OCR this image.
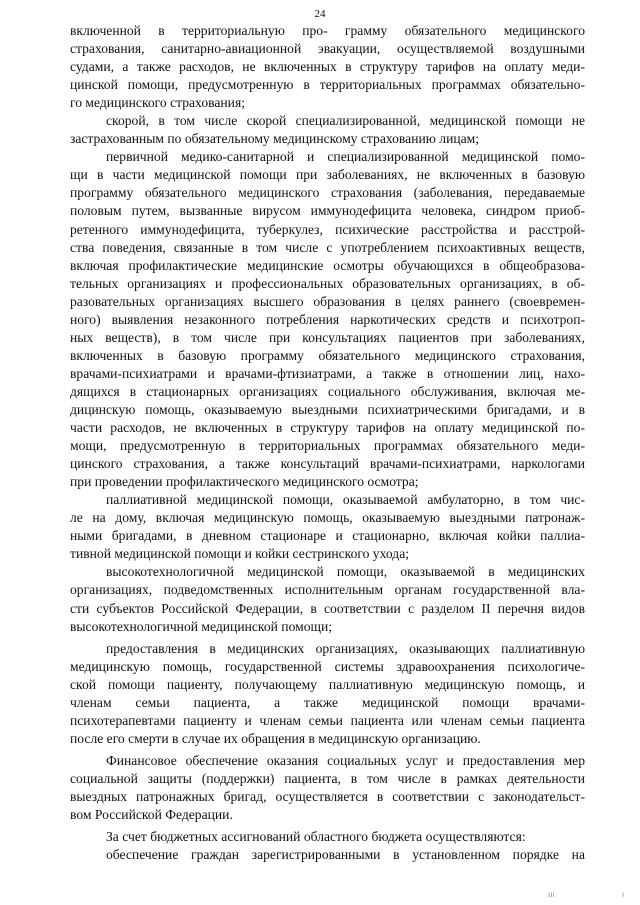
24
включенной в территориальную про- грамму обязательного медицинского
страхования, санитарно-авиационной эвакуации, осуществляемой воздушными
судами, а также расходов, не включенных в структуру тарифов на оплату меди-
цинской помощи, предусмотренную в территориальных программах обязательно-
го медицинского страхования;
скорой, в том числе скорой специализированной, медицинской помощи не
застрахованным по обязательному медицинскому страхованию лицам;
первичной медико-санитарной и специализированной медицинской помо-
щи в части медицинской помощи при заболеваниях, не включенных в базовую
программу обязательного медицинского страхования (заболевания, передаваемые
половым путем, вызванные вирусом иммунодефицита человека, синдром приоб-
ретенного иммунодефицита, туберкулез, психические расстройства и расстрой-
ства поведения, связанные в том числе с употреблением психоактивных веществ,
включая профилактические медицинские осмотры обучающихся в общеобразова-
тельных организациях и профессиональных образовательных организациях, в об-
разовательных организациях высшего образования в целях раннего (своевремен-
ного) выявления незаконного потребления наркотических средств и психотроп-
ных веществ), в том числе при консультациях пациентов при заболеваниях,
включенных в базовую программу обязательного медицинского страхования,
врачами-психиатрами и врачами-фтизиатрами, а также в отношении лиц, нахо-
дящихся в стационарных организациях социального обслуживания, включая ме-
дицинскую помощь, оказываемую выездными психиатрическими бригадами, и в
части расходов, не включенных в структуру тарифов на оплату медицинской по-
мощи, предусмотренную в территориальных программах обязательного меди-
цинского страхования, а также консультаций врачами-психиатрами, наркологами
при проведении профилактического медицинского осмотра;
паллиативной медицинской помощи, оказываемой амбулаторно, в том чис-
ле на дому, включая медицинскую помощь, оказываемую выездными патронаж-
ными бригадами, в дневном стационаре и стационарно, включая койки паллиа-
тивной медицинской помощи и койки сестринского ухода;
высокотехнологичной медицинской помощи, оказываемой в медицинских
организациях, подведомственных исполнительным органам государственной вла-
сти субъектов Российской Федерации, в соответствии с разделом II перечня видов
высокотехнологичной медицинской помощи;
предоставления в медицинских организациях, оказывающих паллиативную
медицинскую помощь, государственной системы здравоохранения психологиче-
ской помощи пациенту, получающему паллиативную медицинскую помощь, и
членам семьи пациента, а также медицинской помощи врачами-
психотерапевтами пациенту и членам семьи пациента или членам семьи пациента
после его смерти в случае их обращения в медицинскую организацию.
Финансовое обеспечение оказания социальных услуг и предоставления мер
социальной защиты (поддержки) пациента, в том числе в рамках деятельности
выездных патронажных бригад, осуществляется в соответствии с законодательст-
вом Российской Федерации.
За счет бюджетных ассигнований областного бюджета осуществляются:
обеспечение граждан зарегистрированными в установленном порядке на
ııı	ı
